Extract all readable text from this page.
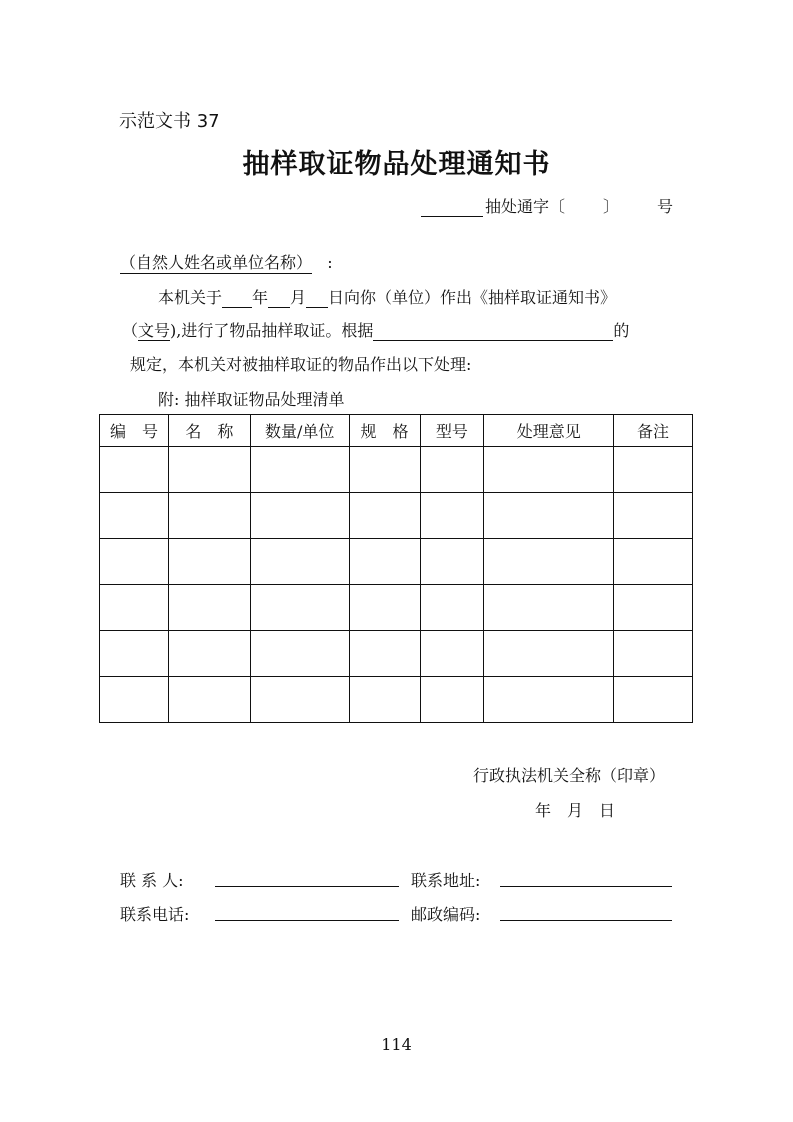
示范文书 37
抽样取证物品处理通知书
抽处通字〔 〕 号
（自然人姓名或单位名称） :
本机关于 年 月 日向你（单位）作出《抽样取证通知书》
（文号),进行了物品抽样取证。根据	的
规定，本机关对被抽样取证的物品作出以下处理:
附: 抽样取证物品处理清单
编　号	名　称	数量/单位	规　格	型号	处理意见	备注

行政执法机关全称（印章）
年　月　日
联 系 人:	联系地址:
联系电话:	邮政编码:
114
